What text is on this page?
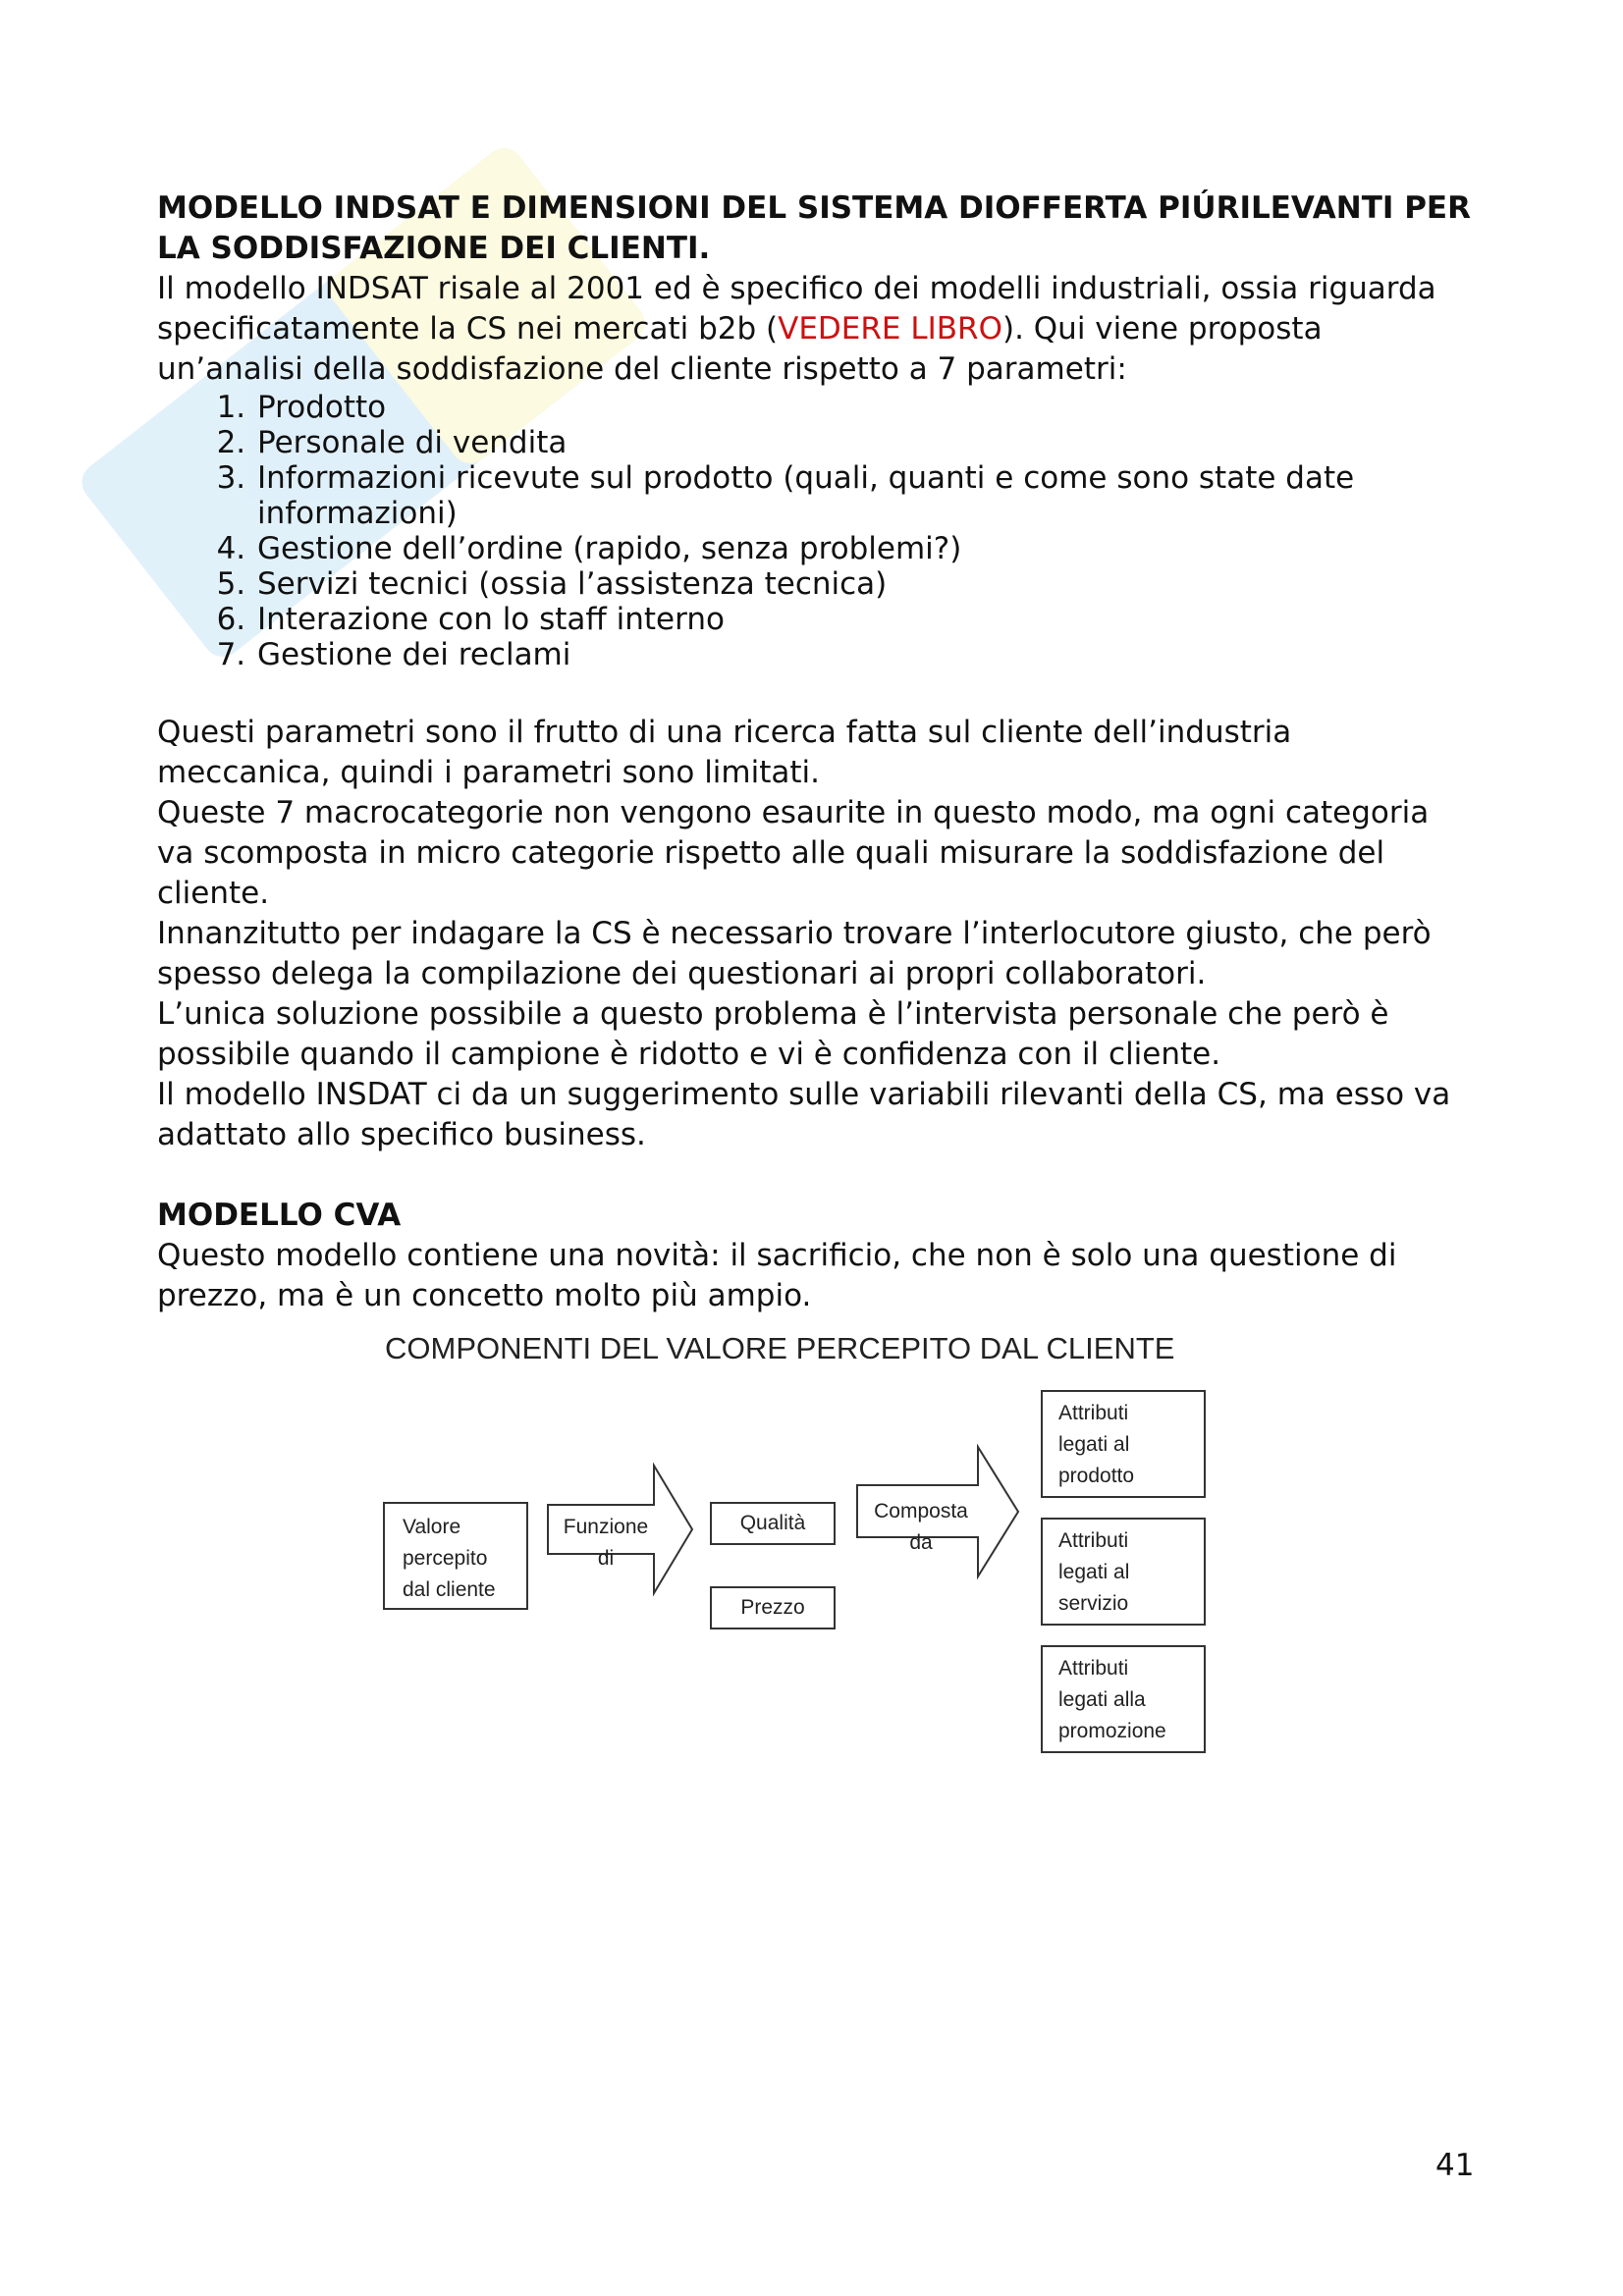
MODELLO INDSAT E DIMENSIONI DEL SISTEMA DIOFFERTA PIÚRILEVANTI PER LA SODDISFAZIONE DEI CLIENTI.

Il modello INDSAT risale al 2001 ed è specifico dei modelli industriali, ossia riguarda specificatamente la CS nei mercati b2b (VEDERE LIBRO). Qui viene proposta un’analisi della soddisfazione del cliente rispetto a 7 parametri:

1. Prodotto
2. Personale di vendita
3. Informazioni ricevute sul prodotto (quali, quanti e come sono state date informazioni)
4. Gestione dell’ordine (rapido, senza problemi?)
5. Servizi tecnici (ossia l’assistenza tecnica)
6. Interazione con lo staff interno
7. Gestione dei reclami

Questi parametri sono il frutto di una ricerca fatta sul cliente dell’industria meccanica, quindi i parametri sono limitati.

Queste 7 macrocategorie non vengono esaurite in questo modo, ma ogni categoria va scomposta in micro categorie rispetto alle quali misurare la soddisfazione del cliente.

Innanzitutto per indagare la CS è necessario trovare l’interlocutore giusto, che però spesso delega la compilazione dei questionari ai propri collaboratori.

L’unica soluzione possibile a questo problema è l’intervista personale che però è possibile quando il campione è ridotto e vi è confidenza con il cliente.

Il modello INSDAT ci da un suggerimento sulle variabili rilevanti della CS, ma esso va adattato allo specifico business.

MODELLO CVA

Questo modello contiene una novità: il sacrificio, che non è solo una questione di prezzo, ma è un concetto molto più ampio.

COMPONENTI DEL VALORE PERCEPITO DAL CLIENTE
Valore
percepito
dal cliente
Funzione
di
Qualità
Prezzo
Composta
da
Attributi
legati al
prodotto
Attributi
legati al
servizio
Attributi
legati alla
promozione
41
